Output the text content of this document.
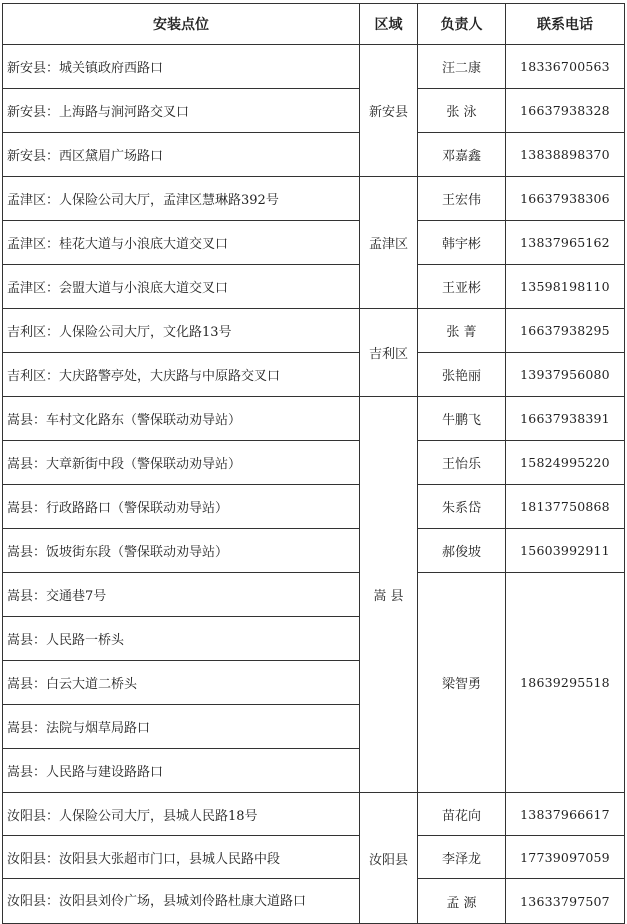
安装点位	区域	负责人	联系电话
新安县：城关镇政府西路口	新安县	汪二康	18336700563
新安县：上海路与涧河路交叉口		张 泳	16637938328
新安县：西区黛眉广场路口		邓嘉鑫	13838898370
孟津区：人保险公司大厅，孟津区慧琳路392号	孟津区	王宏伟	16637938306
孟津区：桂花大道与小浪底大道交叉口		韩宇彬	13837965162
孟津区：会盟大道与小浪底大道交叉口		王亚彬	13598198110
吉利区：人保险公司大厅，文化路13号	吉利区	张 菁	16637938295
吉利区：大庆路警亭处，大庆路与中原路交叉口		张艳丽	13937956080
嵩县：车村文化路东（警保联动劝导站）	嵩 县	牛鹏飞	16637938391
嵩县：大章新街中段（警保联动劝导站）		王怡乐	15824995220
嵩县：行政路路口（警保联动劝导站）		朱系岱	18137750868
嵩县：饭坡街东段（警保联动劝导站）		郝俊坡	15603992911
嵩县：交通巷7号		梁智勇	18639295518
嵩县：人民路一桥头			
嵩县：白云大道二桥头			
嵩县：法院与烟草局路口			
嵩县：人民路与建设路路口			
汝阳县：人保险公司大厅，县城人民路18号	汝阳县	苗花向	13837966617
汝阳县：汝阳县大张超市门口，县城人民路中段		李泽龙	17739097059
汝阳县：汝阳县刘伶广场，县城刘伶路杜康大道路口		孟 源	13633797507
